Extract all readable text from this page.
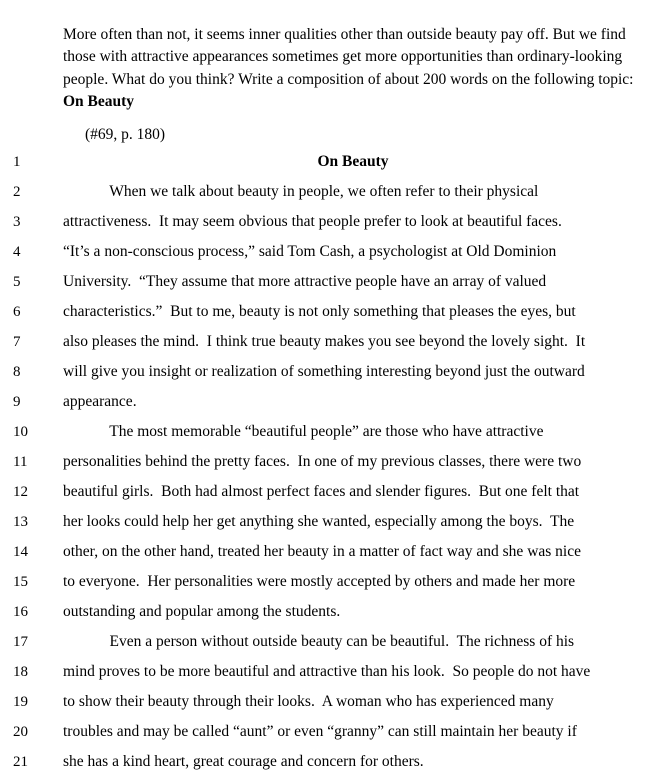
More often than not, it seems inner qualities other than outside beauty pay off. But we find those with attractive appearances sometimes get more opportunities than ordinary-looking people. What do you think? Write a composition of about 200 words on the following topic: On Beauty

(#69, p. 180)
1	On Beauty
2	When we talk about beauty in people, we often refer to their physical
3	attractiveness.  It may seem obvious that people prefer to look at beautiful faces.
4	“It’s a non-conscious process,” said Tom Cash, a psychologist at Old Dominion
5	University.  “They assume that more attractive people have an array of valued
6	characteristics.”  But to me, beauty is not only something that pleases the eyes, but
7	also pleases the mind.  I think true beauty makes you see beyond the lovely sight.  It
8	will give you insight or realization of something interesting beyond just the outward
9	appearance.
10	The most memorable “beautiful people” are those who have attractive
11	personalities behind the pretty faces.  In one of my previous classes, there were two
12	beautiful girls.  Both had almost perfect faces and slender figures.  But one felt that
13	her looks could help her get anything she wanted, especially among the boys.  The
14	other, on the other hand, treated her beauty in a matter of fact way and she was nice
15	to everyone.  Her personalities were mostly accepted by others and made her more
16	outstanding and popular among the students.
17	Even a person without outside beauty can be beautiful.  The richness of his
18	mind proves to be more beautiful and attractive than his look.  So people do not have
19	to show their beauty through their looks.  A woman who has experienced many
20	troubles and may be called “aunt” or even “granny” can still maintain her beauty if
21	she has a kind heart, great courage and concern for others.
